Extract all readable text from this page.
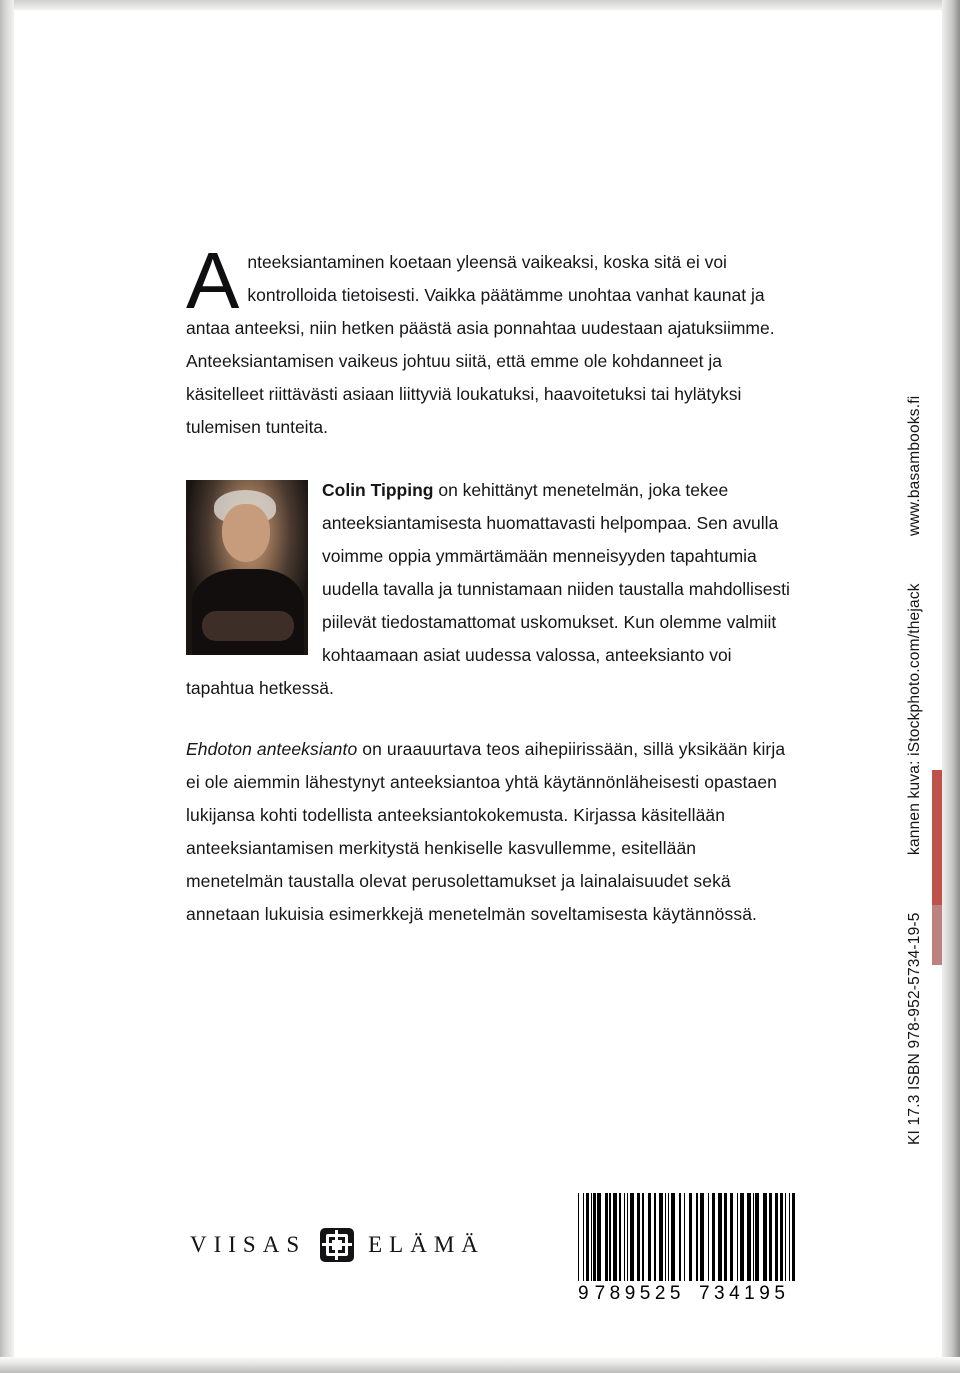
A nteeksiantaminen koetaan yleensä vaikeaksi, koska sitä ei voi kontrolloida tietoisesti. Vaikka päätämme unohtaa vanhat kaunat ja antaa anteeksi, niin hetken päästä asia ponnahtaa uudestaan ajatuksiimme. Anteeksiantamisen vaikeus johtuu siitä, että emme ole kohdanneet ja käsitelleet riittävästi asiaan liittyviä loukatuksi, haavoitetuksi tai hylätyksi tulemisen tunteita.
Colin Tipping on kehittänyt menetelmän, joka tekee anteeksiantamisesta huomattavasti helpompaa. Sen avulla voimme oppia ymmärtämään menneisyyden tapahtumia uudella tavalla ja tunnistamaan niiden taustalla mahdollisesti piilevät tiedostamattomat uskomukset. Kun olemme valmiit kohtaamaan asiat uudessa valossa, anteeksianto voi tapahtua hetkessä.

Ehdoton anteeksianto on uraauurtava teos aihepiirissään, sillä yksikään kirja ei ole aiemmin lähestynyt anteeksiantoa yhtä käytännönläheisesti opastaen lukijansa kohti todellista anteeksiantokokemusta. Kirjassa käsitellään anteeksiantamisen merkitystä henkiselle kasvullemme, esitellään menetelmän taustalla olevat perusolettamukset ja lainalaisuudet sekä annetaan lukuisia esimerkkejä menetelmän soveltamisesta käytännössä.

www.basambooks.fi
kannen kuva: iStockphoto.com/thejack
ISBN 978-952-5734-19-5
KI 17.3
VIISAS	ELÄMÄ
9 789525 734195
